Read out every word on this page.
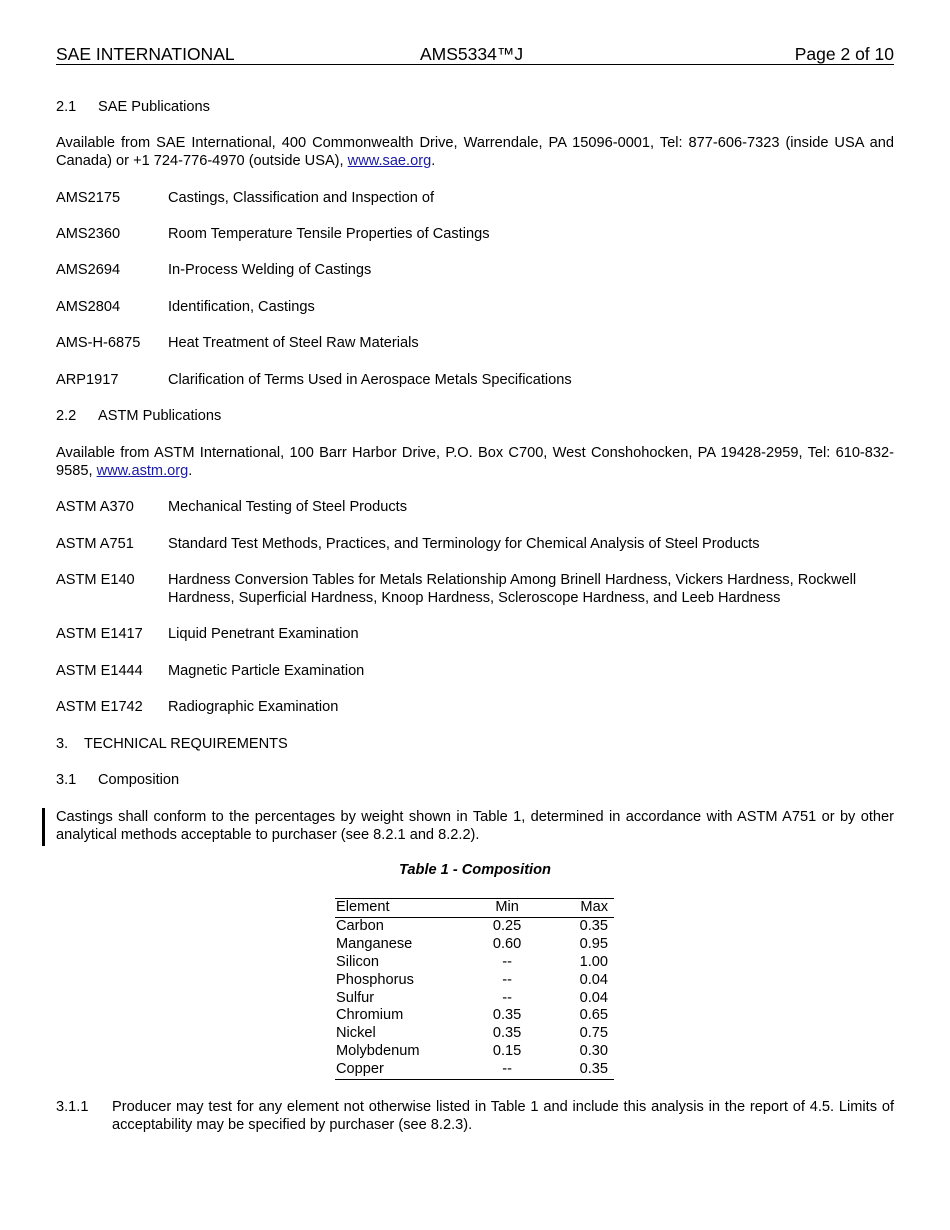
SAE INTERNATIONAL	AMS5334™J	Page 2 of 10
2.1 SAE Publications
Available from SAE International, 400 Commonwealth Drive, Warrendale, PA 15096-0001, Tel: 877-606-7323 (inside USA and Canada) or +1 724-776-4970 (outside USA), www.sae.org.
AMS2175	Castings, Classification and Inspection of
AMS2360	Room Temperature Tensile Properties of Castings
AMS2694	In-Process Welding of Castings
AMS2804	Identification, Castings
AMS-H-6875 Heat Treatment of Steel Raw Materials
ARP1917	Clarification of Terms Used in Aerospace Metals Specifications
2.2 ASTM Publications
Available from ASTM International, 100 Barr Harbor Drive, P.O. Box C700, West Conshohocken, PA 19428-2959, Tel: 610-832-9585, www.astm.org.
ASTM A370 Mechanical Testing of Steel Products
ASTM A751 Standard Test Methods, Practices, and Terminology for Chemical Analysis of Steel Products
ASTM E140 Hardness Conversion Tables for Metals Relationship Among Brinell Hardness, Vickers Hardness, Rockwell Hardness, Superficial Hardness, Knoop Hardness, Scleroscope Hardness, and Leeb Hardness
ASTM E1417 Liquid Penetrant Examination
ASTM E1444 Magnetic Particle Examination
ASTM E1742 Radiographic Examination
3. TECHNICAL REQUIREMENTS
3.1 Composition
Castings shall conform to the percentages by weight shown in Table 1, determined in accordance with ASTM A751 or by other analytical methods acceptable to purchaser (see 8.2.1 and 8.2.2).
Table 1 - Composition
Element	Min	Max
Carbon	0.25	0.35
Manganese	0.60	0.95
Silicon	--	1.00
Phosphorus	--	0.04
Sulfur	--	0.04
Chromium	0.35	0.65
Nickel	0.35	0.75
Molybdenum	0.15	0.30
Copper	--	0.35
3.1.1 Producer may test for any element not otherwise listed in Table 1 and include this analysis in the report of 4.5. Limits of acceptability may be specified by purchaser (see 8.2.3).
